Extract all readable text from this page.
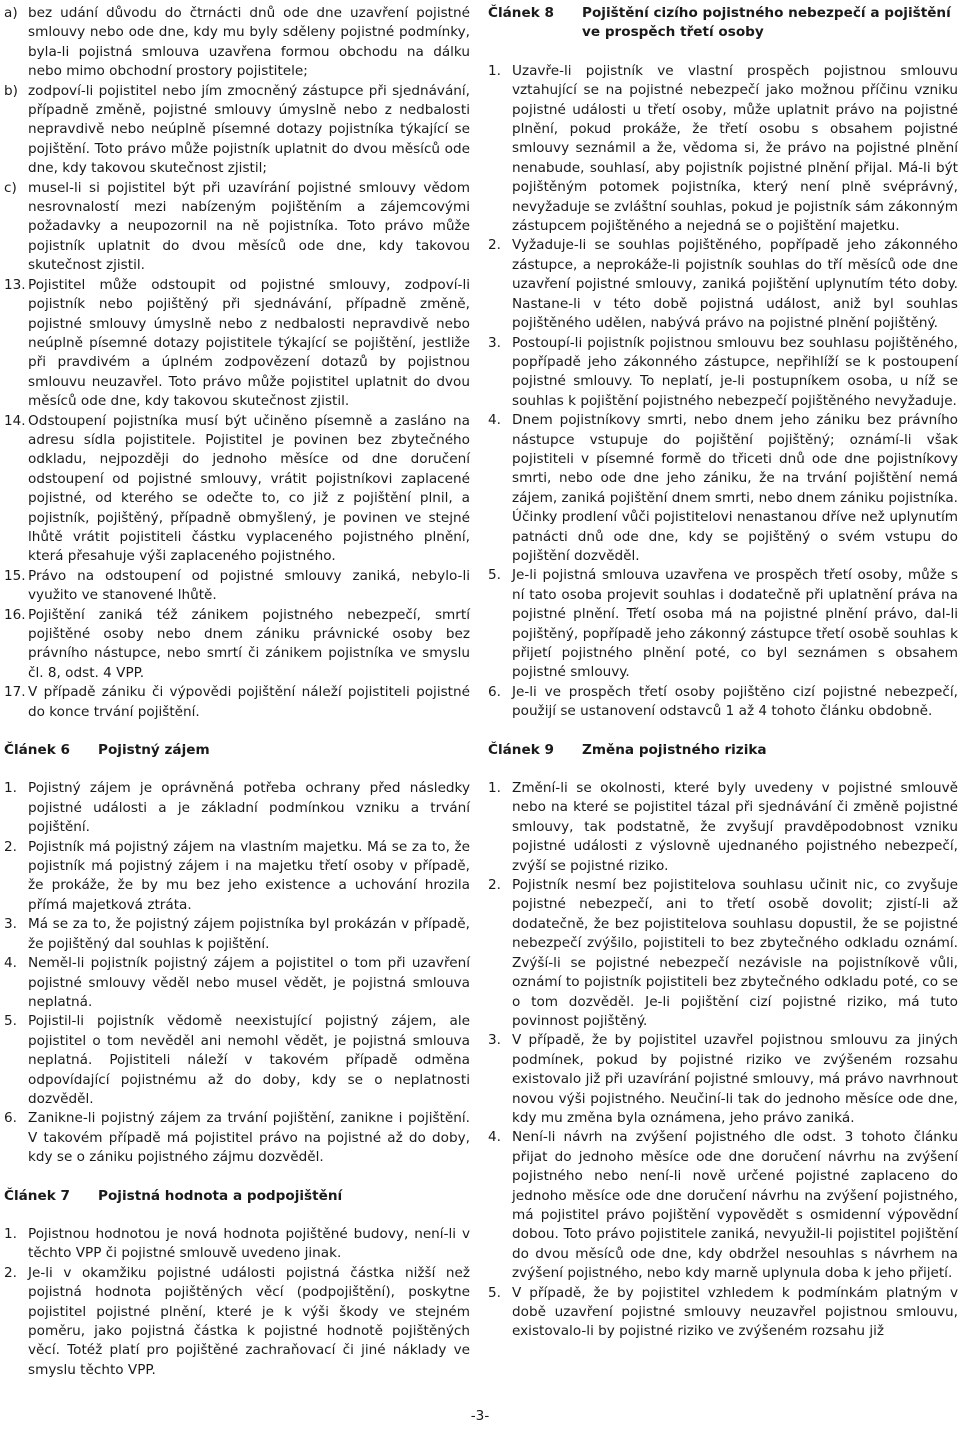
a) bez udání důvodu do čtrnácti dnů ode dne uzavření pojistné smlouvy nebo ode dne, kdy mu byly sděleny pojistné podmínky, byla-li pojistná smlouva uzavřena formou obchodu na dálku nebo mimo obchodní prostory pojistitele;
b) zodpoví-li pojistitel nebo jím zmocněný zástupce při sjednávání, případně změně, pojistné smlouvy úmyslně nebo z nedbalosti nepravdivě nebo neúplně písemné dotazy pojistníka týkající se pojištění. Toto právo může pojistník uplatnit do dvou měsíců ode dne, kdy takovou skutečnost zjistil;
c) musel-li si pojistitel být při uzavírání pojistné smlouvy vědom nesrovnalostí mezi nabízeným pojištěním a zájemcovými požadavky a neupozornil na ně pojistníka. Toto právo může pojistník uplatnit do dvou měsíců ode dne, kdy takovou skutečnost zjistil.
13. Pojistitel může odstoupit od pojistné smlouvy, zodpoví-li pojistník nebo pojištěný při sjednávání, případně změně, pojistné smlouvy úmyslně nebo z nedbalosti nepravdivě nebo neúplně písemné dotazy pojistitele týkající se pojištění, jestliže při pravdivém a úplném zodpovězení dotazů by pojistnou smlouvu neuzavřel. Toto právo může pojistitel uplatnit do dvou měsíců ode dne, kdy takovou skutečnost zjistil.
14. Odstoupení pojistníka musí být učiněno písemně a zasláno na adresu sídla pojistitele. Pojistitel je povinen bez zbytečného odkladu, nejpozději do jednoho měsíce od dne doručení odstoupení od pojistné smlouvy, vrátit pojistníkovi zaplacené pojistné, od kterého se odečte to, co již z pojištění plnil, a pojistník, pojištěný, případně obmyšlený, je povinen ve stejné lhůtě vrátit pojistiteli částku vyplaceného pojistného plnění, která přesahuje výši zaplaceného pojistného.
15. Právo na odstoupení od pojistné smlouvy zaniká, nebylo-li využito ve stanovené lhůtě.
16. Pojištění zaniká též zánikem pojistného nebezpečí, smrtí pojištěné osoby nebo dnem zániku právnické osoby bez právního nástupce, nebo smrtí či zánikem pojistníka ve smyslu čl. 8, odst. 4 VPP.
17. V případě zániku či výpovědi pojištění náleží pojistiteli pojistné do konce trvání pojištění.
Článek 6	Pojistný zájem
1. Pojistný zájem je oprávněná potřeba ochrany před následky pojistné události a je základní podmínkou vzniku a trvání pojištění.
2. Pojistník má pojistný zájem na vlastním majetku. Má se za to, že pojistník má pojistný zájem i na majetku třetí osoby v případě, že prokáže, že by mu bez jeho existence a uchování hrozila přímá majetková ztráta.
3. Má se za to, že pojistný zájem pojistníka byl prokázán v případě, že pojištěný dal souhlas k pojištění.
4. Neměl-li pojistník pojistný zájem a pojistitel o tom při uzavření pojistné smlouvy věděl nebo musel vědět, je pojistná smlouva neplatná.
5. Pojistil-li pojistník vědomě neexistující pojistný zájem, ale pojistitel o tom nevěděl ani nemohl vědět, je pojistná smlouva neplatná. Pojistiteli náleží v takovém případě odměna odpovídající pojistnému až do doby, kdy se o neplatnosti dozvěděl.
6. Zanikne-li pojistný zájem za trvání pojištění, zanikne i pojištění. V takovém případě má pojistitel právo na pojistné až do doby, kdy se o zániku pojistného zájmu dozvěděl.
Článek 7	Pojistná hodnota a podpojištění
1. Pojistnou hodnotou je nová hodnota pojištěné budovy, není-li v těchto VPP či pojistné smlouvě uvedeno jinak.
2. Je-li v okamžiku pojistné události pojistná částka nižší než pojistná hodnota pojištěných věcí (podpojištění), poskytne pojistitel pojistné plnění, které je k výši škody ve stejném poměru, jako pojistná částka k pojistné hodnotě pojištěných věcí. Totéž platí pro pojištěné zachraňovací či jiné náklady ve smyslu těchto VPP.
Článek 8	Pojištění cizího pojistného nebezpečí a pojištění ve prospěch třetí osoby
1. Uzavře-li pojistník ve vlastní prospěch pojistnou smlouvu vztahující se na pojistné nebezpečí jako možnou příčinu vzniku pojistné události u třetí osoby, může uplatnit právo na pojistné plnění, pokud prokáže, že třetí osobu s obsahem pojistné smlouvy seznámil a že, vědoma si, že právo na pojistné plnění nenabude, souhlasí, aby pojistník pojistné plnění přijal. Má-li být pojištěným potomek pojistníka, který není plně svéprávný, nevyžaduje se zvláštní souhlas, pokud je pojistník sám zákonným zástupcem pojištěného a nejedná se o pojištění majetku.
2. Vyžaduje-li se souhlas pojištěného, popřípadě jeho zákonného zástupce, a neprokáže-li pojistník souhlas do tří měsíců ode dne uzavření pojistné smlouvy, zaniká pojištění uplynutím této doby. Nastane-li v této době pojistná událost, aniž byl souhlas pojištěného udělen, nabývá právo na pojistné plnění pojištěný.
3. Postoupí-li pojistník pojistnou smlouvu bez souhlasu pojištěného, popřípadě jeho zákonného zástupce, nepřihlíží se k postoupení pojistné smlouvy. To neplatí, je-li postupníkem osoba, u níž se souhlas k pojištění pojistného nebezpečí pojištěného nevyžaduje.
4. Dnem pojistníkovy smrti, nebo dnem jeho zániku bez právního nástupce vstupuje do pojištění pojištěný; oznámí-li však pojistiteli v písemné formě do třiceti dnů ode dne pojistníkovy smrti, nebo ode dne jeho zániku, že na trvání pojištění nemá zájem, zaniká pojištění dnem smrti, nebo dnem zániku pojistníka. Účinky prodlení vůči pojistitelovi nenastanou dříve než uplynutím patnácti dnů ode dne, kdy se pojištěný o svém vstupu do pojištění dozvěděl.
5. Je-li pojistná smlouva uzavřena ve prospěch třetí osoby, může s ní tato osoba projevit souhlas i dodatečně při uplatnění práva na pojistné plnění. Třetí osoba má na pojistné plnění právo, dal-li pojištěný, popřípadě jeho zákonný zástupce třetí osobě souhlas k přijetí pojistného plnění poté, co byl seznámen s obsahem pojistné smlouvy.
6. Je-li ve prospěch třetí osoby pojištěno cizí pojistné nebezpečí, použijí se ustanovení odstavců 1 až 4 tohoto článku obdobně.
Článek 9	Změna pojistného rizika
1. Změní-li se okolnosti, které byly uvedeny v pojistné smlouvě nebo na které se pojistitel tázal při sjednávání či změně pojistné smlouvy, tak podstatně, že zvyšují pravděpodobnost vzniku pojistné události z výslovně ujednaného pojistného nebezpečí, zvýší se pojistné riziko.
2. Pojistník nesmí bez pojistitelova souhlasu učinit nic, co zvyšuje pojistné nebezpečí, ani to třetí osobě dovolit; zjistí-li až dodatečně, že bez pojistitelova souhlasu dopustil, že se pojistné nebezpečí zvýšilo, pojistiteli to bez zbytečného odkladu oznámí. Zvýší-li se pojistné nebezpečí nezávisle na pojistníkově vůli, oznámí to pojistník pojistiteli bez zbytečného odkladu poté, co se o tom dozvěděl. Je-li pojištění cizí pojistné riziko, má tuto povinnost pojištěný.
3. V případě, že by pojistitel uzavřel pojistnou smlouvu za jiných podmínek, pokud by pojistné riziko ve zvýšeném rozsahu existovalo již při uzavírání pojistné smlouvy, má právo navrhnout novou výši pojistného. Neučiní-li tak do jednoho měsíce ode dne, kdy mu změna byla oznámena, jeho právo zaniká.
4. Není-li návrh na zvýšení pojistného dle odst. 3 tohoto článku přijat do jednoho měsíce ode dne doručení návrhu na zvýšení pojistného nebo není-li nově určené pojistné zaplaceno do jednoho měsíce ode dne doručení návrhu na zvýšení pojistného, má pojistitel právo pojištění vypovědět s osmidenní výpovědní dobou. Toto právo pojistitele zaniká, nevyužil-li pojistitel pojištění do dvou měsíců ode dne, kdy obdržel nesouhlas s návrhem na zvýšení pojistného, nebo kdy marně uplynula doba k jeho přijetí.
5. V případě, že by pojistitel vzhledem k podmínkám platným v době uzavření pojistné smlouvy neuzavřel pojistnou smlouvu, existovalo-li by pojistné riziko ve zvýšeném rozsahu již
-3-
